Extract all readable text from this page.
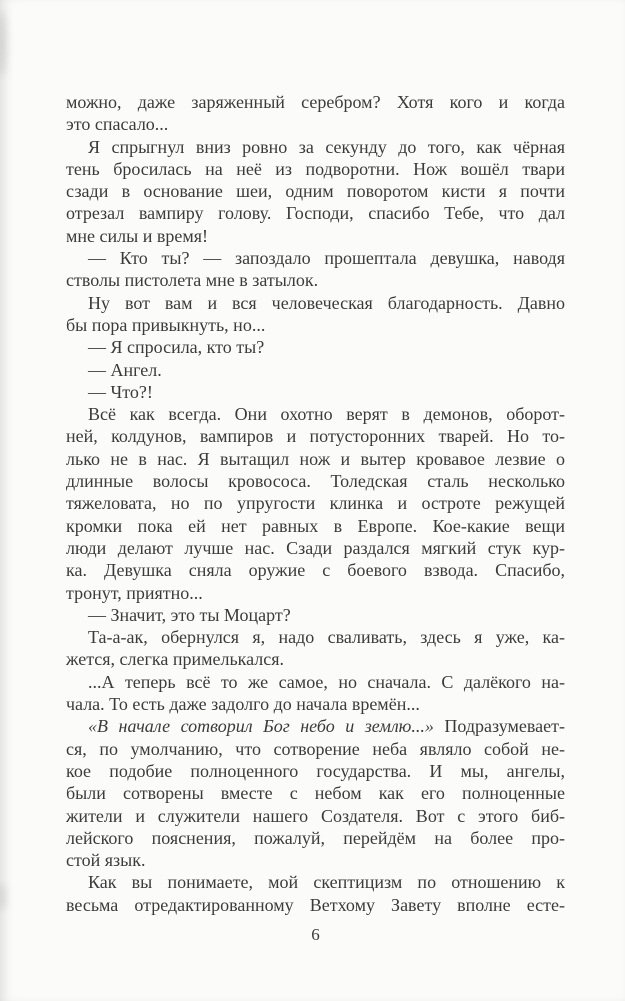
можно, даже заряженный серебром? Хотя кого и когда
это спасало...
Я спрыгнул вниз ровно за секунду до того, как чёрная
тень бросилась на неё из подворотни. Нож вошёл твари
сзади в основание шеи, одним поворотом кисти я почти
отрезал вампиру голову. Господи, спасибо Тебе, что дал
мне силы и время!
— Кто ты? — запоздало прошептала девушка, наводя
стволы пистолета мне в затылок.
Ну вот вам и вся человеческая благодарность. Давно
бы пора привыкнуть, но...
— Я спросила, кто ты?
— Ангел.
— Что?!
Всё как всегда. Они охотно верят в демонов, оборот-
ней, колдунов, вампиров и потусторонних тварей. Но то-
лько не в нас. Я вытащил нож и вытер кровавое лезвие о
длинные волосы кровососа. Толедская сталь несколько
тяжеловата, но по упругости клинка и остроте режущей
кромки пока ей нет равных в Европе. Кое-какие вещи
люди делают лучше нас. Сзади раздался мягкий стук кур-
ка. Девушка сняла оружие с боевого взвода. Спасибо,
тронут, приятно...
— Значит, это ты Моцарт?
Та-а-ак, обернулся я, надо сваливать, здесь я уже, ка-
жется, слегка примелькался.
...А теперь всё то же самое, но сначала. С далёкого на-
чала. То есть даже задолго до начала времён...
«В начале сотворил Бог небо и землю...» Подразумевает-
ся, по умолчанию, что сотворение неба являло собой не-
кое подобие полноценного государства. И мы, ангелы,
были сотворены вместе с небом как его полноценные
жители и служители нашего Создателя. Вот с этого биб-
лейского пояснения, пожалуй, перейдём на более про-
стой язык.
Как вы понимаете, мой скептицизм по отношению к
весьма отредактированному Ветхому Завету вполне есте-
6
